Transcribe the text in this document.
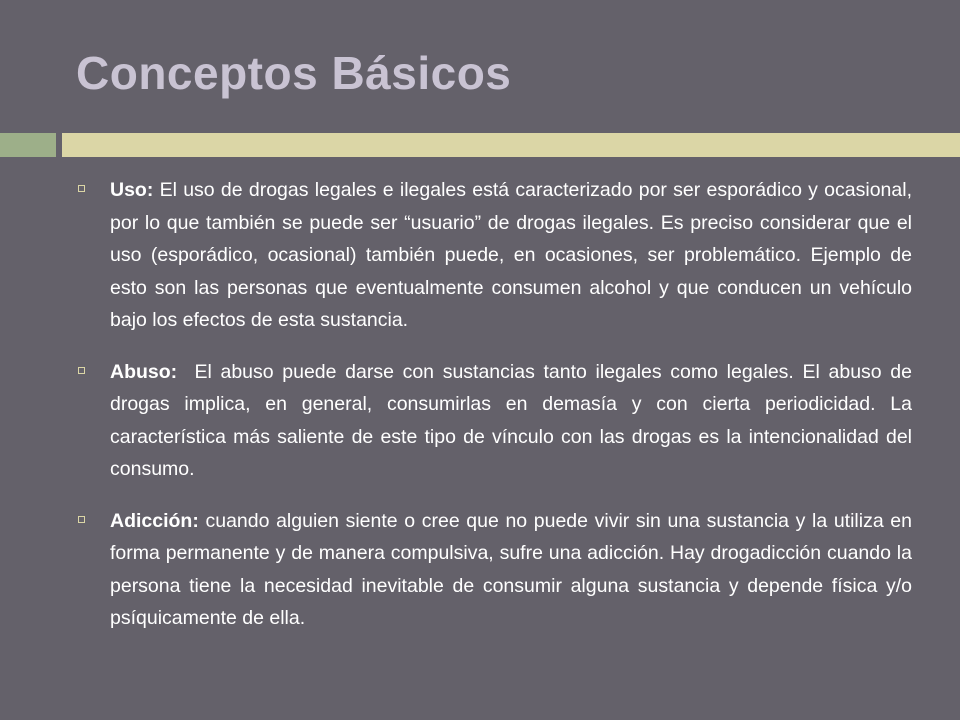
Conceptos Básicos
Uso: El uso de drogas legales e ilegales está caracterizado por ser esporádico y ocasional, por lo que también se puede ser “usuario” de drogas ilegales. Es preciso considerar que el uso (esporádico, ocasional) también puede, en ocasiones, ser problemático. Ejemplo de esto son las personas que eventualmente consumen alcohol y que conducen un vehículo bajo los efectos de esta sustancia.
Abuso:  El abuso puede darse con sustancias tanto ilegales como legales. El abuso de drogas implica, en general, consumirlas en demasía y con cierta periodicidad. La característica más saliente de este tipo de vínculo con las drogas es la intencionalidad del consumo.
Adicción: cuando alguien siente o cree que no puede vivir sin una sustancia y la utiliza en forma permanente y de manera compulsiva, sufre una adicción. Hay drogadicción cuando la persona tiene la necesidad inevitable de consumir alguna sustancia y depende física y/o psíquicamente de ella.
